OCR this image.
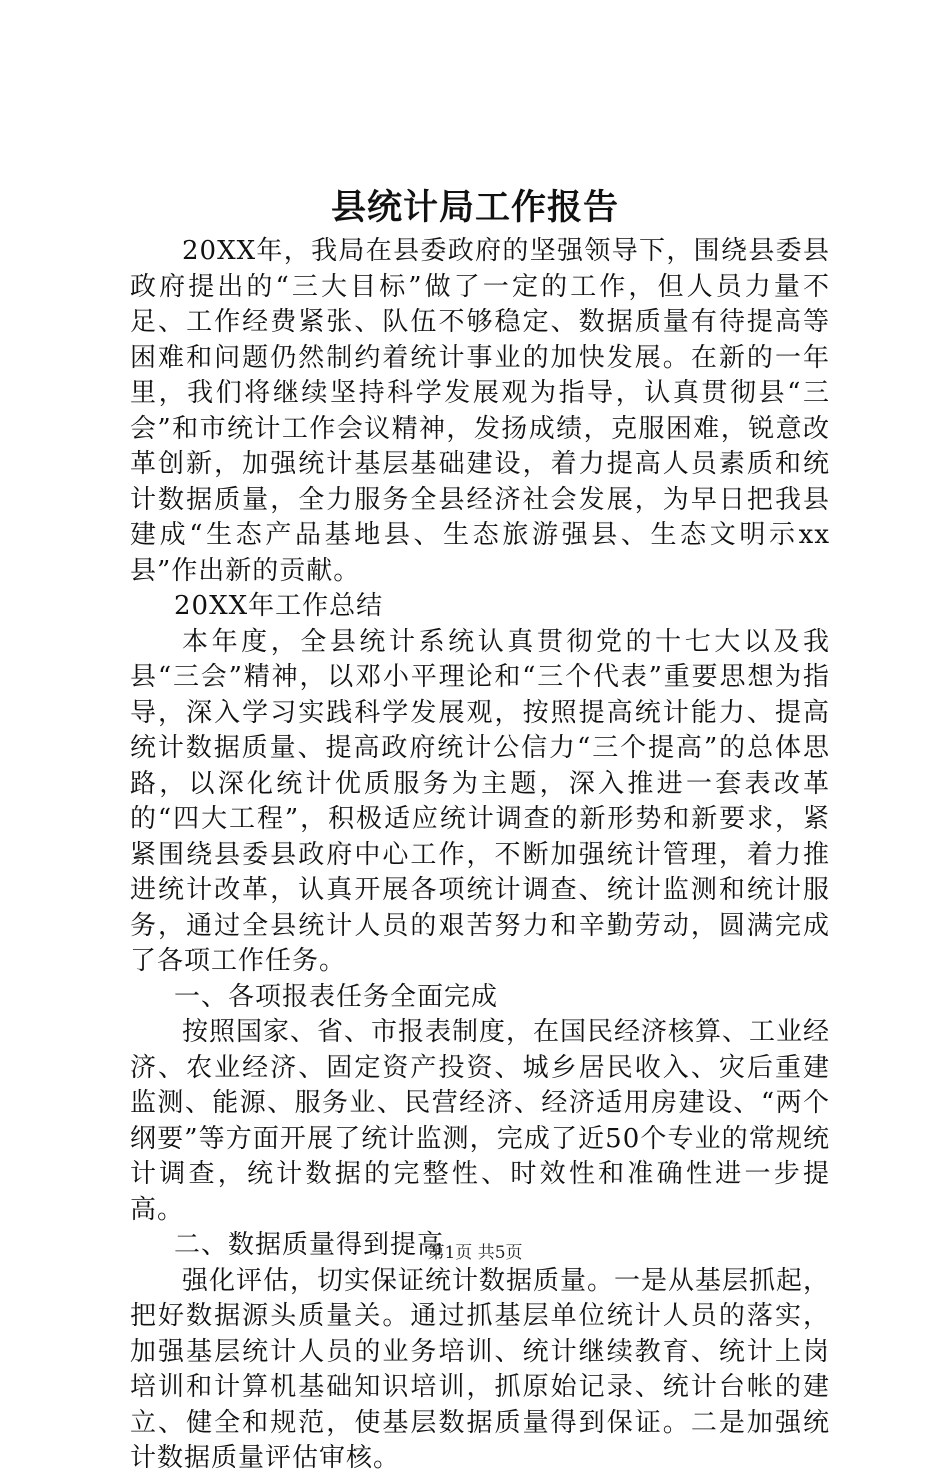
县统计局工作报告

20XX年，我局在县委政府的坚强领导下，围绕县委县政府提出的“三大目标”做了一定的工作，但人员力量不足、工作经费紧张、队伍不够稳定、数据质量有待提高等困难和问题仍然制约着统计事业的加快发展。在新的一年里，我们将继续坚持科学发展观为指导，认真贯彻县“三会”和市统计工作会议精神，发扬成绩，克服困难，锐意改革创新，加强统计基层基础建设，着力提高人员素质和统计数据质量，全力服务全县经济社会发展，为早日把我县建成“生态产品基地县、生态旅游强县、生态文明示xx县”作出新的贡献。

20XX年工作总结

本年度，全县统计系统认真贯彻党的十七大以及我县“三会”精神，以邓小平理论和“三个代表”重要思想为指导，深入学习实践科学发展观，按照提高统计能力、提高统计数据质量、提高政府统计公信力“三个提高”的总体思路，以深化统计优质服务为主题，深入推进一套表改革的“四大工程”，积极适应统计调查的新形势和新要求，紧紧围绕县委县政府中心工作，不断加强统计管理，着力推进统计改革，认真开展各项统计调查、统计监测和统计服务，通过全县统计人员的艰苦努力和辛勤劳动，圆满完成了各项工作任务。

一、各项报表任务全面完成

按照国家、省、市报表制度，在国民经济核算、工业经济、农业经济、固定资产投资、城乡居民收入、灾后重建监测、能源、服务业、民营经济、经济适用房建设、“两个纲要”等方面开展了统计监测，完成了近50个专业的常规统计调查，统计数据的完整性、时效性和准确性进一步提高。

二、数据质量得到提高

强化评估，切实保证统计数据质量。一是从基层抓起，把好数据源头质量关。通过抓基层单位统计人员的落实，加强基层统计人员的业务培训、统计继续教育、统计上岗培训和计算机基础知识培训，抓原始记录、统计台帐的建立、健全和规范，使基层数据质量得到保证。二是加强统计数据质量评估审核。

第1页 共5页
